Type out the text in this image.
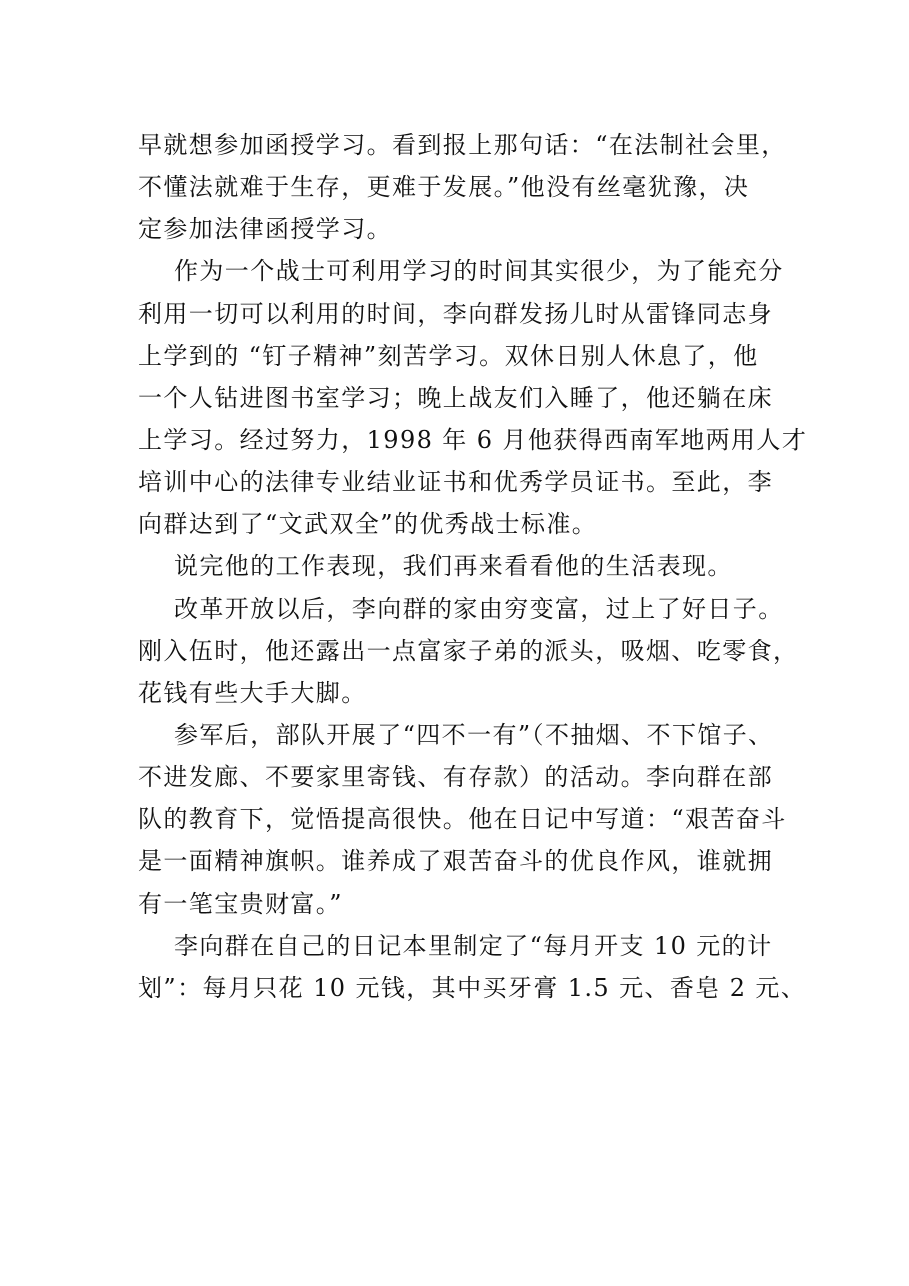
早就想参加函授学习。看到报上那句话：“在法制社会里，
不懂法就难于生存，更难于发展。”他没有丝毫犹豫，决
定参加法律函授学习。
作为一个战士可利用学习的时间其实很少，为了能充分
利用一切可以利用的时间，李向群发扬儿时从雷锋同志身
上学到的 “钉子精神”刻苦学习。双休日别人休息了，他
一个人钻进图书室学习；晚上战友们入睡了，他还躺在床
上学习。经过努力，1998 年 6 月他获得西南军地两用人才
培训中心的法律专业结业证书和优秀学员证书。至此，李
向群达到了“文武双全”的优秀战士标准。
说完他的工作表现，我们再来看看他的生活表现。
改革开放以后，李向群的家由穷变富，过上了好日子。
刚入伍时，他还露出一点富家子弟的派头，吸烟、吃零食，
花钱有些大手大脚。
参军后，部队开展了“四不一有”（不抽烟、不下馆子、
不进发廊、不要家里寄钱、有存款）的活动。李向群在部
队的教育下，觉悟提高很快。他在日记中写道：“艰苦奋斗
是一面精神旗帜。谁养成了艰苦奋斗的优良作风，谁就拥
有一笔宝贵财富。”
李向群在自己的日记本里制定了“每月开支 10 元的计
划”：每月只花 10 元钱，其中买牙膏 1.5 元、香皂 2 元、
